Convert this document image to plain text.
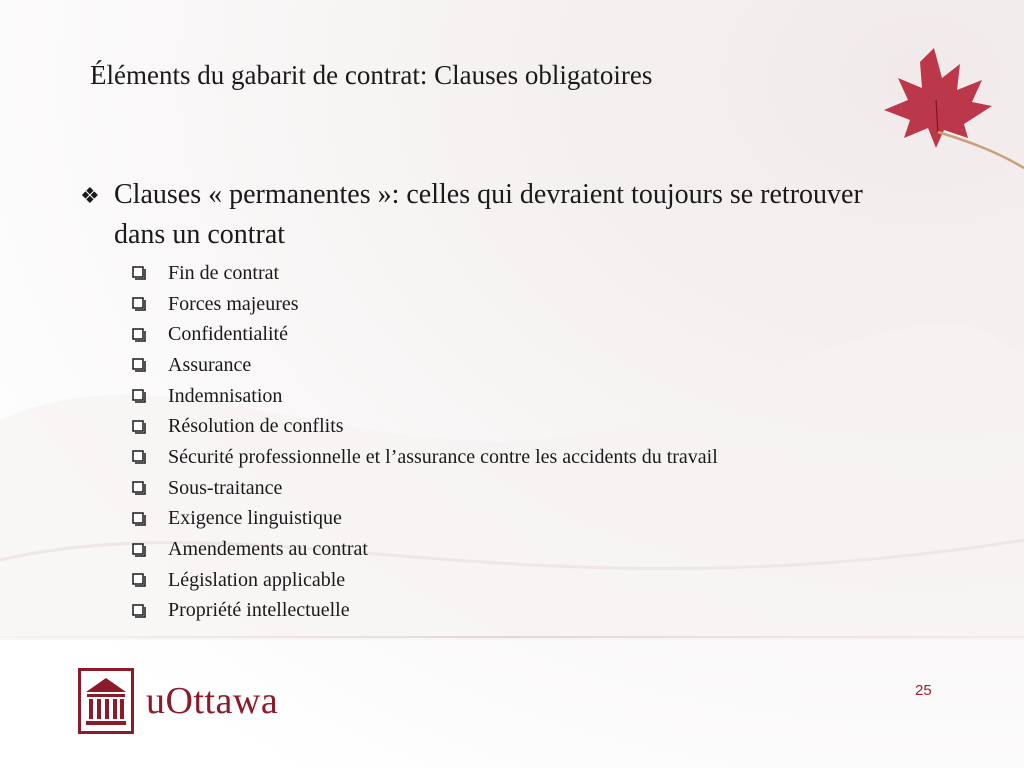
Éléments du gabarit de contrat: Clauses obligatoires
❖ Clauses « permanentes »: celles qui devraient toujours se retrouver dans un contrat
Fin de contrat
Forces majeures
Confidentialité
Assurance
Indemnisation
Résolution de conflits
Sécurité professionnelle et l’assurance contre les accidents du travail
Sous-traitance
Exigence linguistique
Amendements au contrat
Législation applicable
Propriété intellectuelle
uOttawa	25
